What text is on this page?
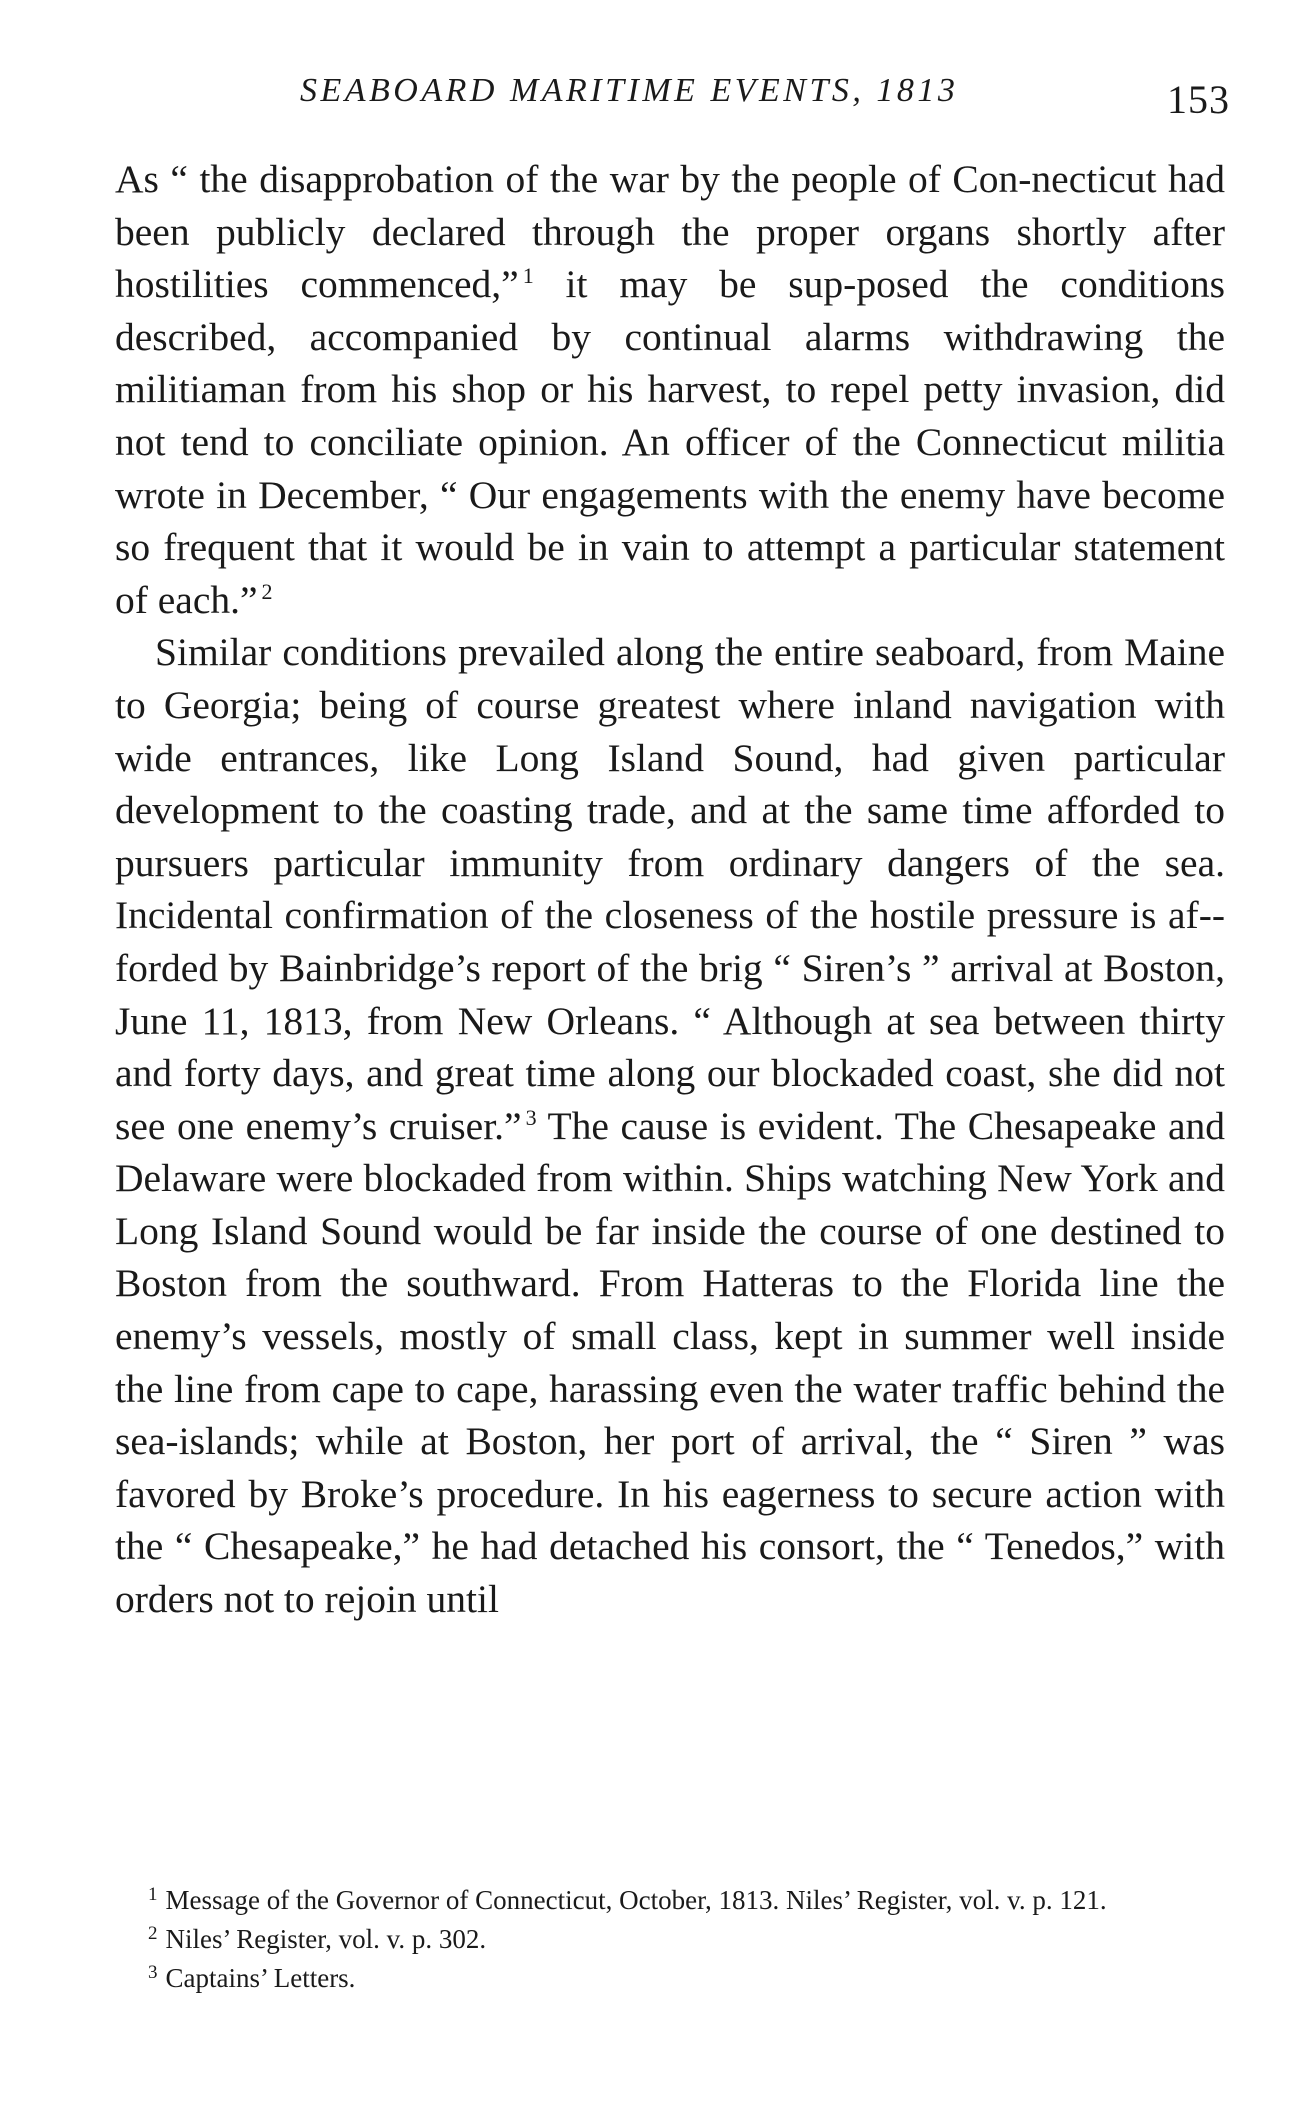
SEABOARD MARITIME EVENTS, 1813	153

As “ the disapprobation of the war by the people of Con-necticut had been publicly declared through the proper organs shortly after hostilities commenced,” $^1$ it may be sup-posed the conditions described, accompanied by continual alarms withdrawing the militiaman from his shop or his harvest, to repel petty invasion, did not tend to conciliate opinion. An officer of the Connecticut militia wrote in December, “ Our engagements with the enemy have become so frequent that it would be in vain to attempt a particular statement of each.” $^2$

Similar conditions prevailed along the entire seaboard, from Maine to Georgia; being of course greatest where inland navigation with wide entrances, like Long Island Sound, had given particular development to the coasting trade, and at the same time afforded to pursuers particular immunity from ordinary dangers of the sea. Incidental confirmation of the closeness of the hostile pressure is af-forded by Bainbridge’s report of the brig “ Siren’s ” arrival at Boston, June 11, 1813, from New Orleans. “ Although at sea between thirty and forty days, and great time along our blockaded coast, she did not see one enemy’s cruiser.” $^3$ The cause is evident. The Chesapeake and Delaware were blockaded from within. Ships watching New York and Long Island Sound would be far inside the course of one destined to Boston from the southward. From Hatteras to the Florida line the enemy’s vessels, mostly of small class, kept in summer well inside the line from cape to cape, harassing even the water traffic behind the sea-islands; while at Boston, her port of arrival, the “ Siren ” was favored by Broke’s procedure. In his eagerness to secure action with the “ Chesapeake,” he had detached his consort, the “ Tenedos,” with orders not to rejoin until

$^1$ Message of the Governor of Connecticut, October, 1813. Niles’ Register, vol. v. p. 121.

$^2$ Niles’ Register, vol. v. p. 302.

$^3$ Captains’ Letters.
